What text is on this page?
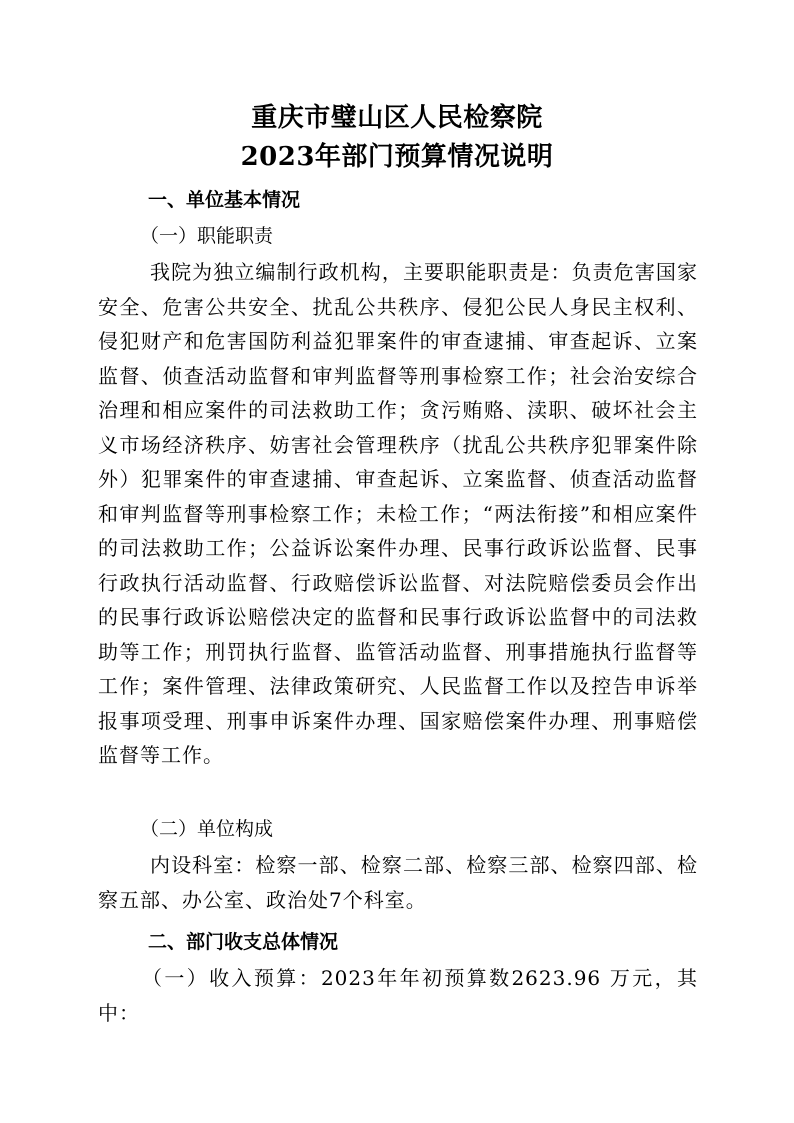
重庆市璧山区人民检察院
2023年部门预算情况说明
一、单位基本情况
（一）职能职责

我院为独立编制行政机构，主要职能职责是：负责危害国家安全、危害公共安全、扰乱公共秩序、侵犯公民人身民主权利、侵犯财产和危害国防利益犯罪案件的审查逮捕、审查起诉、立案监督、侦查活动监督和审判监督等刑事检察工作；社会治安综合治理和相应案件的司法救助工作；贪污贿赂、渎职、破坏社会主义市场经济秩序、妨害社会管理秩序（扰乱公共秩序犯罪案件除外）犯罪案件的审查逮捕、审查起诉、立案监督、侦查活动监督和审判监督等刑事检察工作；未检工作；“两法衔接”和相应案件的司法救助工作；公益诉讼案件办理、民事行政诉讼监督、民事行政执行活动监督、行政赔偿诉讼监督、对法院赔偿委员会作出的民事行政诉讼赔偿决定的监督和民事行政诉讼监督中的司法救助等工作；刑罚执行监督、监管活动监督、刑事措施执行监督等工作；案件管理、法律政策研究、人民监督工作以及控告申诉举报事项受理、刑事申诉案件办理、国家赔偿案件办理、刑事赔偿监督等工作。

（二）单位构成

内设科室：检察一部、检察二部、检察三部、检察四部、检察五部、办公室、政治处7个科室。

二、部门收支总体情况

（一）收入预算：2023年年初预算数2623.96 万元，其中：
